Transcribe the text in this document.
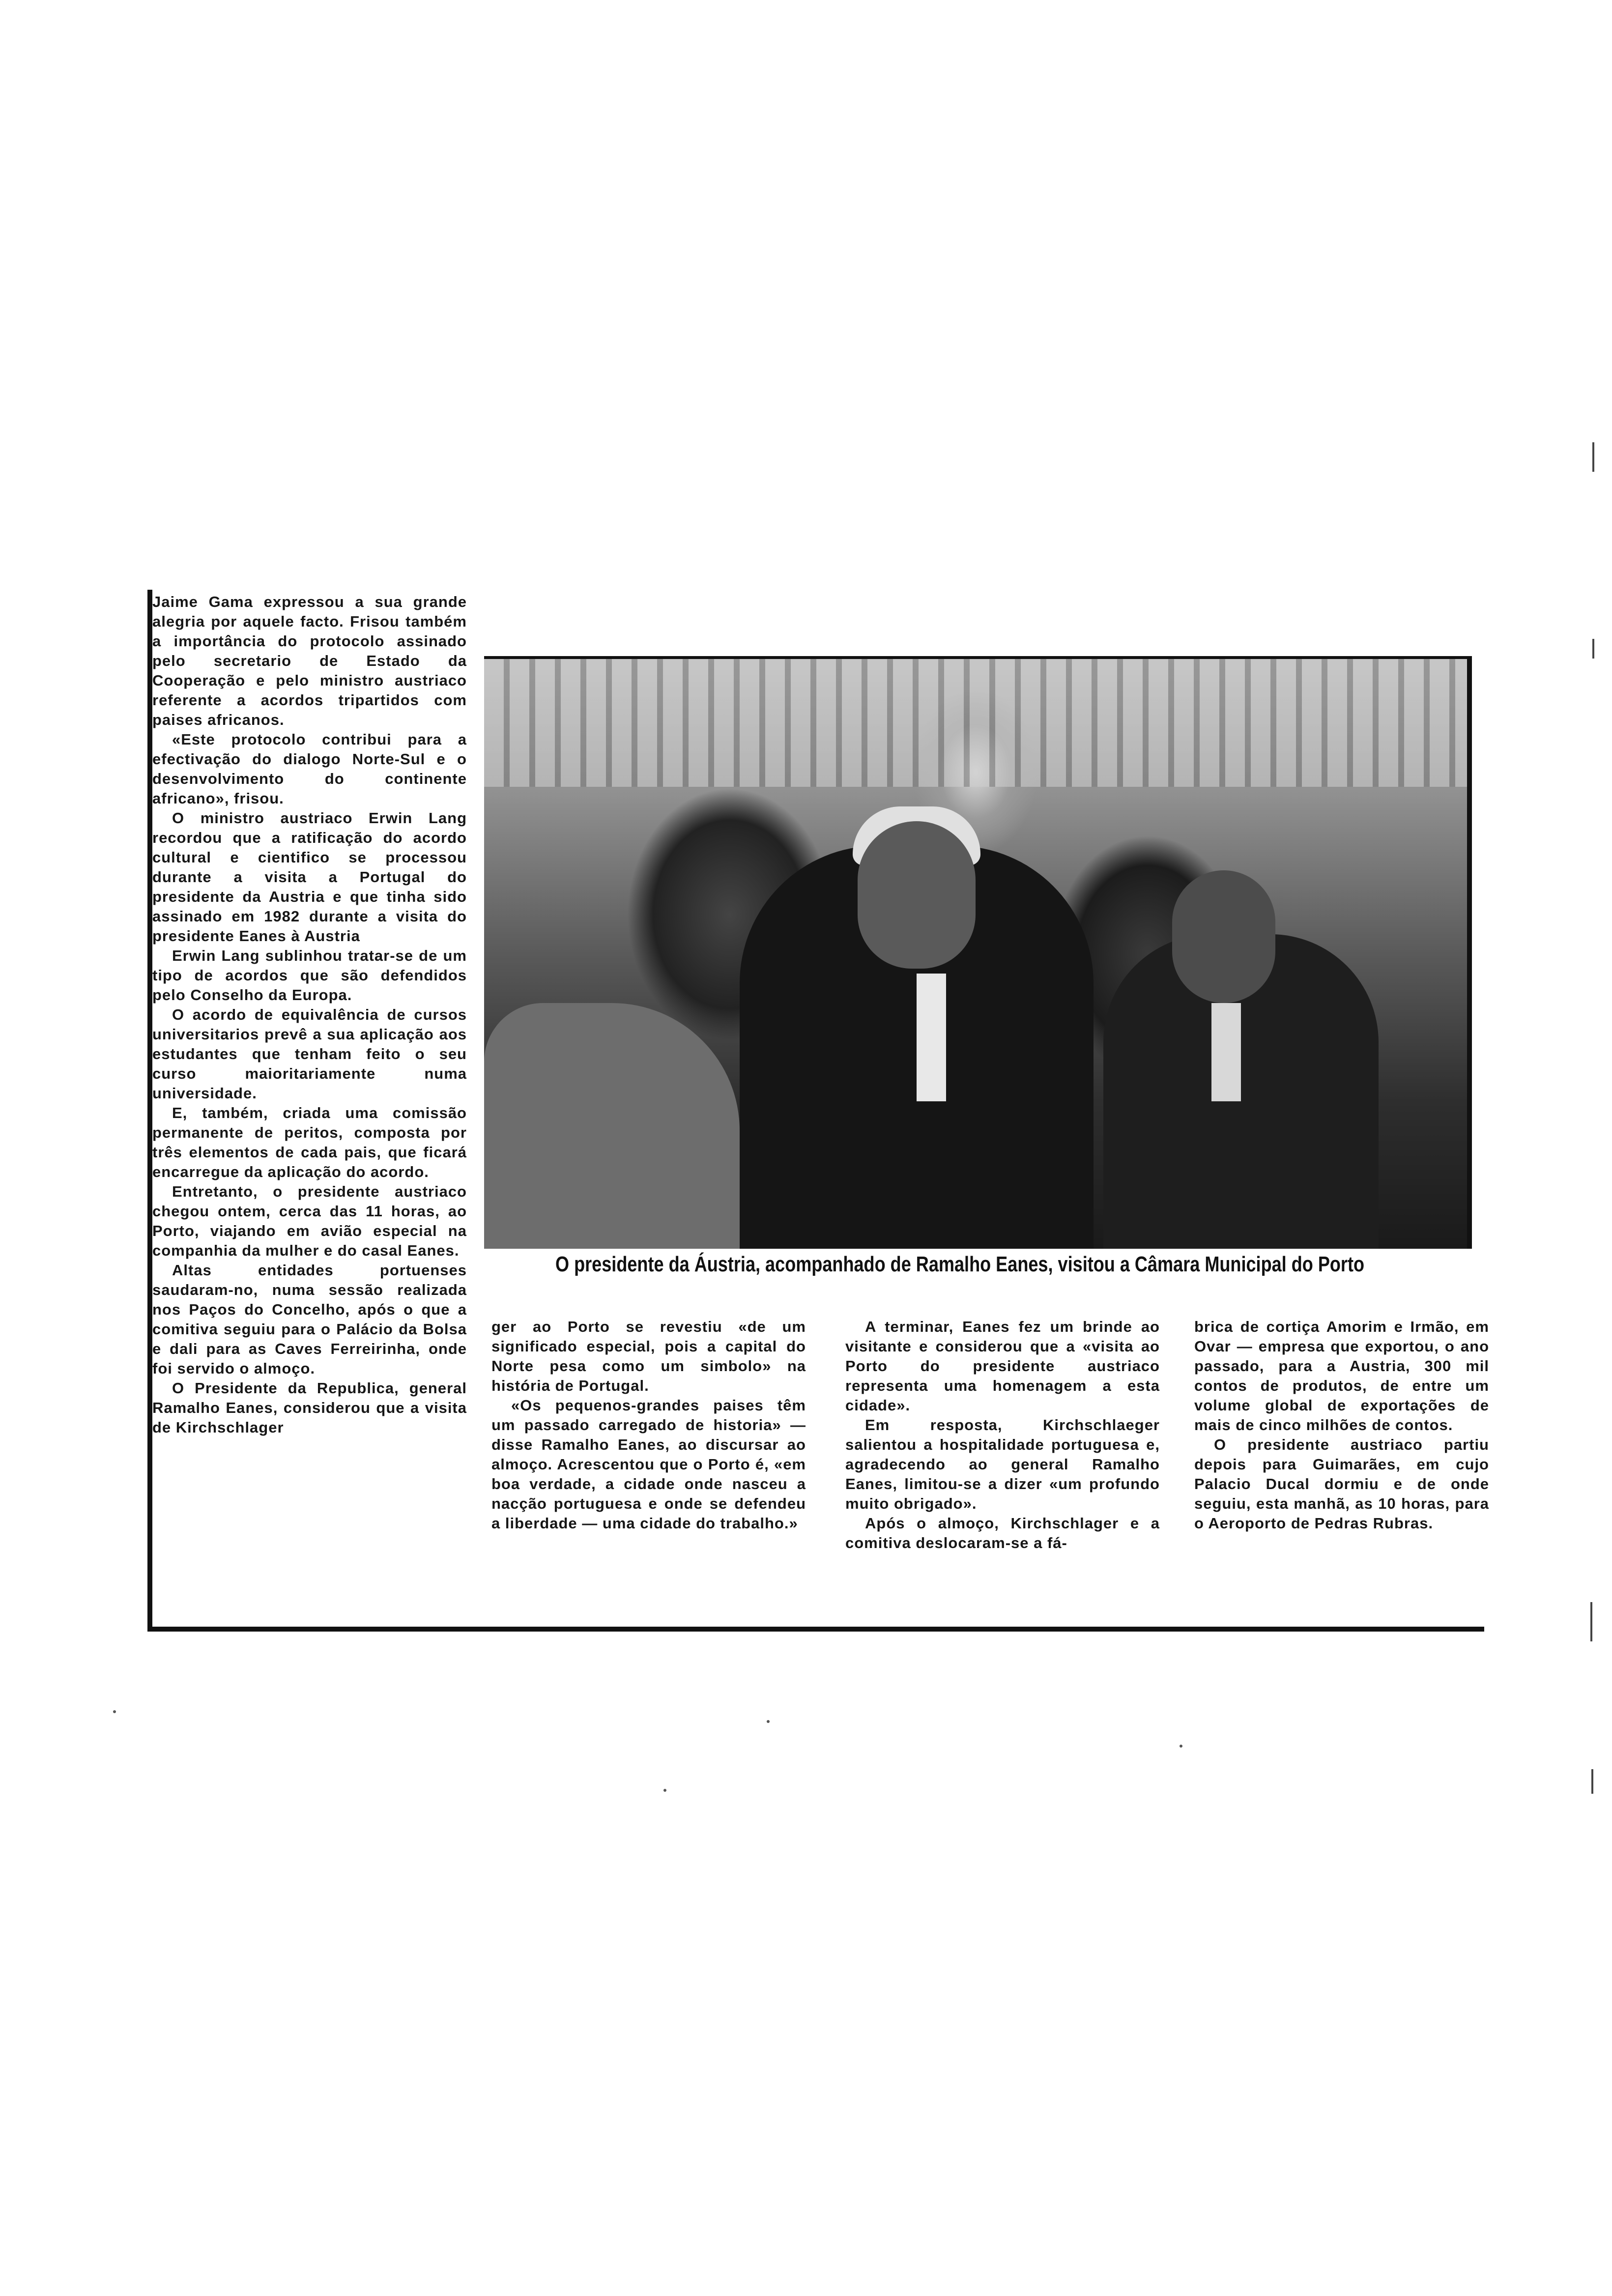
Jaime Gama expressou a sua grande alegria por aquele facto. Frisou também a importância do protocolo assinado pelo secretario de Estado da Cooperação e pelo ministro austriaco referente a acordos tripartidos com paises africanos.

«Este protocolo contribui para a efectivação do dialogo Norte-Sul e o desenvolvimento do continente africano», frisou.

O ministro austriaco Erwin Lang recordou que a ratificação do acordo cultural e cientifico se processou durante a visita a Portugal do presidente da Austria e que tinha sido assinado em 1982 durante a visita do presidente Eanes à Austria

Erwin Lang sublinhou tratar-se de um tipo de acordos que são defendidos pelo Conselho da Europa.

O acordo de equivalência de cursos universitarios prevê a sua aplicação aos estudantes que tenham feito o seu curso maioritariamente numa universidade.

E, também, criada uma comissão permanente de peritos, composta por três elementos de cada pais, que ficará encarregue da aplicação do acordo.

Entretanto, o presidente austriaco chegou ontem, cerca das 11 horas, ao Porto, viajando em avião especial na companhia da mulher e do casal Eanes.

Altas entidades portuenses saudaram-no, numa sessão realizada nos Paços do Concelho, após o que a comitiva seguiu para o Palácio da Bolsa e dali para as Caves Ferreirinha, onde foi servido o almoço.

O Presidente da Republica, general Ramalho Eanes, considerou que a visita de Kirchschlager

O presidente da Áustria, acompanhado de Ramalho Eanes, visitou a Câmara Municipal do Porto

ger ao Porto se revestiu «de um significado especial, pois a capital do Norte pesa como um simbolo» na história de Portugal.

«Os pequenos-grandes paises têm um passado carregado de historia» — disse Ramalho Eanes, ao discursar ao almoço. Acrescentou que o Porto é, «em boa verdade, a cidade onde nasceu a nacção portuguesa e onde se defendeu a liberdade — uma cidade do trabalho.»

A terminar, Eanes fez um brinde ao visitante e considerou que a «visita ao Porto do presidente austriaco representa uma homenagem a esta cidade».

Em resposta, Kirchschlaeger salientou a hospitalidade portuguesa e, agradecendo ao general Ramalho Eanes, limitou-se a dizer «um profundo muito obrigado».

Após o almoço, Kirchschlager e a comitiva deslocaram-se a fá-

brica de cortiça Amorim e Irmão, em Ovar — empresa que exportou, o ano passado, para a Austria, 300 mil contos de produtos, de entre um volume global de exportações de mais de cinco milhões de contos.

O presidente austriaco partiu depois para Guimarães, em cujo Palacio Ducal dormiu e de onde seguiu, esta manhã, as 10 horas, para o Aeroporto de Pedras Rubras.
